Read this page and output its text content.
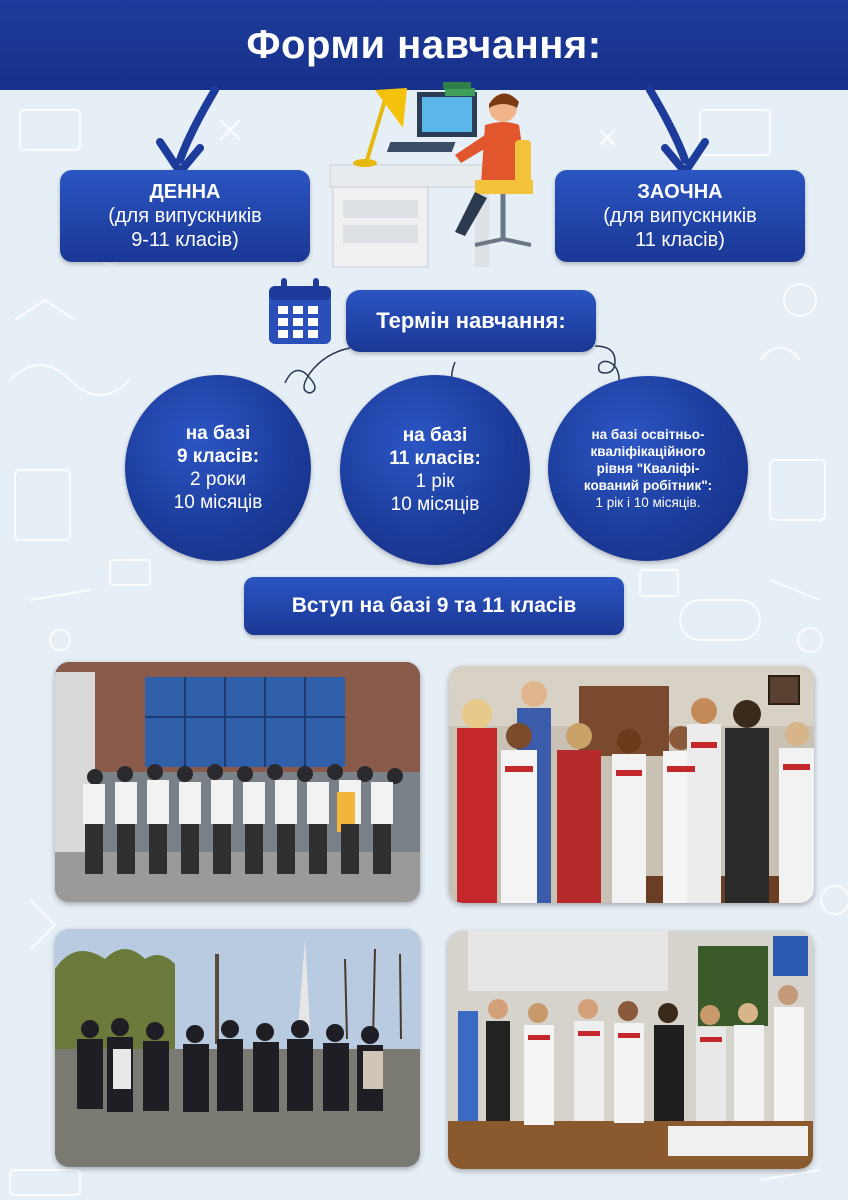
Форми навчання:
ДЕННА
(для випускників
9-11 класів)
ЗАОЧНА
(для випускників
11 класів)
Термін навчання:
на базі
9 класів:
2 роки
10 місяців
на базі
11 класів:
1 рік
10 місяців
на базі освітньо-
кваліфікаційного
рівня "Кваліфі-
кований робітник":
1 рік і 10 місяців.
Вступ на базі 9 та 11 класів
